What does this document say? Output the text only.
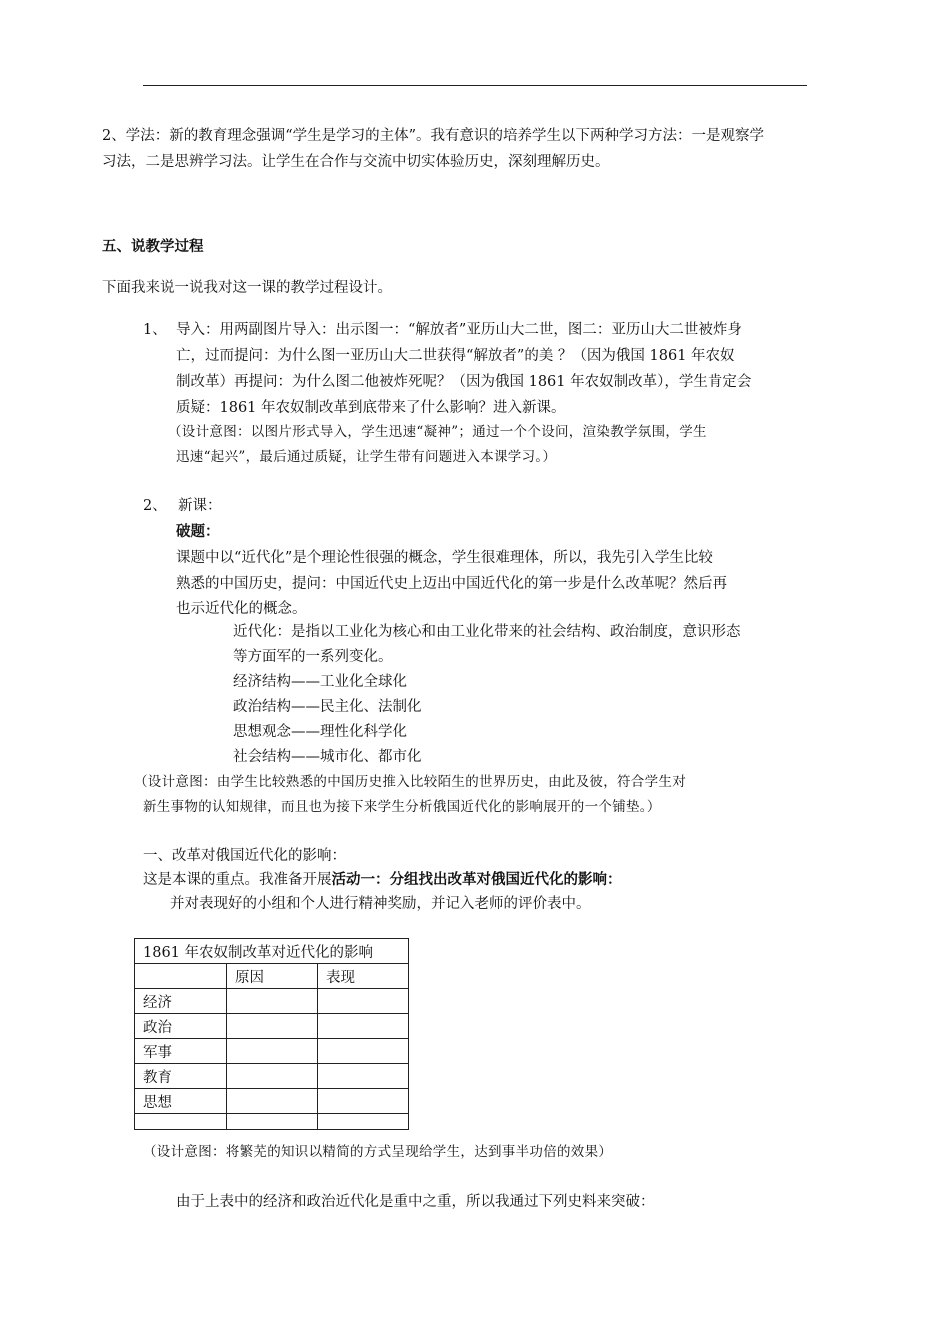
2、学法：新的教育理念强调“学生是学习的主体”。我有意识的培养学生以下两种学习方法：一是观察学
习法，二是思辨学习法。让学生在合作与交流中切实体验历史，深刻理解历史。
五、说教学过程
下面我来说一说我对这一课的教学过程设计。
1、 导入：用两副图片导入：出示图一：“解放者”亚历山大二世，图二：亚历山大二世被炸身
亡，过而提问：为什么图一亚历山大二世获得“解放者”的美 ？（因为俄国 1861 年农奴
制改革）再提问：为什么图二他被炸死呢？（因为俄国 1861 年农奴制改革），学生肯定会
质疑：1861 年农奴制改革到底带来了什么影响？进入新课。
（设计意图：以图片形式导入，学生迅速“凝神”；通过一个个设问，渲染教学氛围，学生
迅速“起兴”，最后通过质疑，让学生带有问题进入本课学习。）
2、 新课：
破题：
课题中以“近代化”是个理论性很强的概念，学生很难理体，所以，我先引入学生比较
熟悉的中国历史，提问：中国近代史上迈出中国近代化的第一步是什么改革呢？然后再
也示近代化的概念。
近代化：是指以工业化为核心和由工业化带来的社会结构、政治制度，意识形态
等方面军的一系列变化。
经济结构——工业化全球化
政治结构——民主化、法制化
思想观念——理性化科学化
社会结构——城市化、都市化
（设计意图：由学生比较熟悉的中国历史推入比较陌生的世界历史，由此及彼，符合学生对
新生事物的认知规律，而且也为接下来学生分析俄国近代化的影响展开的一个铺垫。）
一、改革对俄国近代化的影响：
这是本课的重点。我准备开展活动一：分组找出改革对俄国近代化的影响：
并对表现好的小组和个人进行精神奖励，并记入老师的评价表中。
1861 年农奴制改革对近代化的影响		
	原因	表现
经济		
政治		
军事		
教育		
思想		

（设计意图：将繁芜的知识以精简的方式呈现给学生，达到事半功倍的效果）
由于上表中的经济和政治近代化是重中之重，所以我通过下列史料来突破：
